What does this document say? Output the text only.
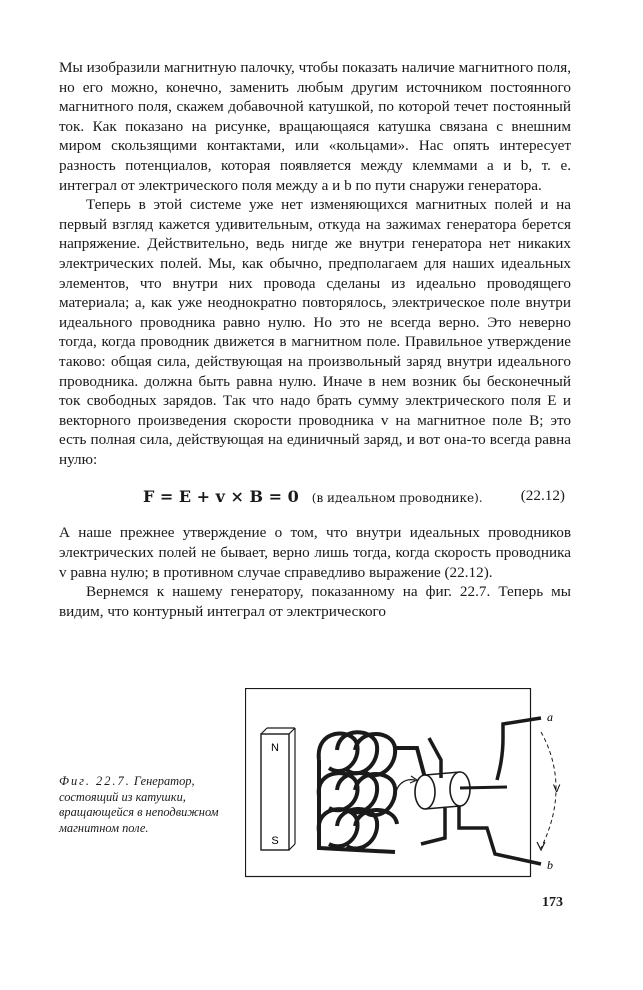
Мы изобразили магнитную палочку, чтобы показать наличие магнитного поля, но его можно, конечно, заменить любым другим источником постоянного магнитного поля, скажем добавочной катушкой, по которой течет постоянный ток. Как показано на рисунке, вращающаяся катушка связана с внешним миром скользящими контактами, или «кольцами». Нас опять интересует разность потенциалов, которая появляется между клеммами a и b, т. е. интеграл от электрического поля между a и b по пути снаружи генератора.

Теперь в этой системе уже нет изменяющихся магнитных полей и на первый взгляд кажется удивительным, откуда на зажимах генератора берется напряжение. Действительно, ведь нигде же внутри генератора нет никаких электрических полей. Мы, как обычно, предполагаем для наших идеальных элементов, что внутри них провода сделаны из идеально проводящего материала; а, как уже неоднократно повторялось, электрическое поле внутри идеального проводника равно нулю. Но это не всегда верно. Это неверно тогда, когда проводник движется в магнитном поле. Правильное утверждение таково: общая сила, действующая на произвольный заряд внутри идеального проводника. должна быть равна нулю. Иначе в нем возник бы бесконечный ток свободных зарядов. Так что надо брать сумму электрического поля E и векторного произведения скорости проводника v на магнитное поле B; это есть полная сила, действующая на единичный заряд, и вот она-то всегда равна нулю:

F = E + v × B = 0 (в идеальном проводнике).	(22.12)

А наше прежнее утверждение о том, что внутри идеальных проводников электрических полей не бывает, верно лишь тогда, когда скорость проводника v равна нулю; в противном случае справедливо выражение (22.12).

Вернемся к нашему генератору, показанному на фиг. 22.7. Теперь мы видим, что контурный интеграл от электрического

Фиг. 22.7. Генератор, состоящий из катушки, вращающейся в неподвижном магнитном поле.
N
S
a
b
V
173
